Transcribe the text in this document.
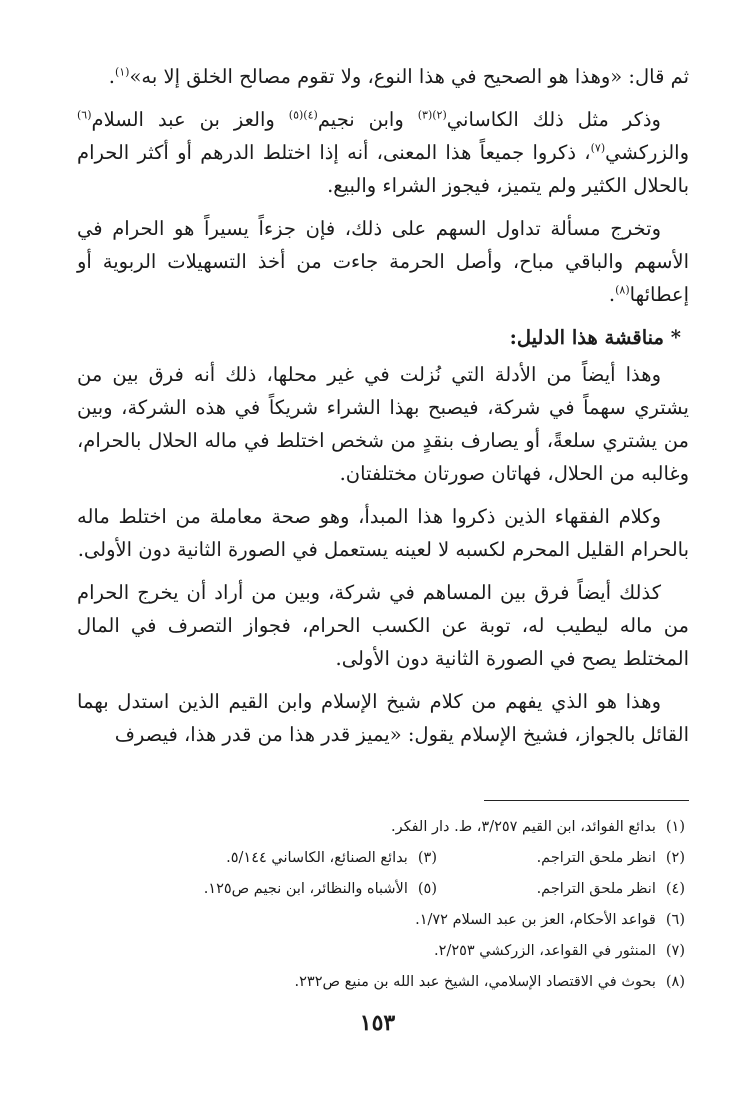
ثم قال: «وهذا هو الصحيح في هذا النوع، ولا تقوم مصالح الخلق إلا به»$^{(١)}$.

وذكر مثل ذلك الكاساني$^{(٢)(٣)}$ وابن نجيم$^{(٤)(٥)}$ والعز بن عبد السلام$^{(٦)}$ والزركشي$^{(٧)}$، ذكروا جميعاً هذا المعنى، أنه إذا اختلط الدرهم أو أكثر الحرام بالحلال الكثير ولم يتميز، فيجوز الشراء والبيع.

وتخرج مسألة تداول السهم على ذلك، فإن جزءاً يسيراً هو الحرام في الأسهم والباقي مباح، وأصل الحرمة جاءت من أخذ التسهيلات الربوية أو إعطائها$^{(٨)}$.

* مناقشة هذا الدليل:

وهذا أيضاً من الأدلة التي نُزلت في غير محلها، ذلك أنه فرق بين من يشتري سهماً في شركة، فيصبح بهذا الشراء شريكاً في هذه الشركة، وبين من يشتري سلعةً، أو يصارف بنقدٍ من شخص اختلط في ماله الحلال بالحرام، وغالبه من الحلال، فهاتان صورتان مختلفتان.

وكلام الفقهاء الذين ذكروا هذا المبدأ، وهو صحة معاملة من اختلط ماله بالحرام القليل المحرم لكسبه لا لعينه يستعمل في الصورة الثانية دون الأولى.

كذلك أيضاً فرق بين المساهم في شركة، وبين من أراد أن يخرج الحرام من ماله ليطيب له، توبة عن الكسب الحرام، فجواز التصرف في المال المختلط يصح في الصورة الثانية دون الأولى.

وهذا هو الذي يفهم من كلام شيخ الإسلام وابن القيم الذين استدل بهما القائل بالجواز، فشيخ الإسلام يقول: «يميز قدر هذا من قدر هذا، فيصرف

(١)بدائع الفوائد، ابن القيم ٣/٢٥٧، ط. دار الفكر.
(٢)انظر ملحق التراجم.
(٣)بدائع الصنائع، الكاساني ٥/١٤٤.
(٤)انظر ملحق التراجم.
(٥)الأشباه والنظائر، ابن نجيم ص١٢٥.
(٦)قواعد الأحكام، العز بن عبد السلام ١/٧٢.
(٧)المنثور في القواعد، الزركشي ٢/٢٥٣.
(٨)بحوث في الاقتصاد الإسلامي، الشيخ عبد الله بن منيع ص٢٣٢.
١٥٣
